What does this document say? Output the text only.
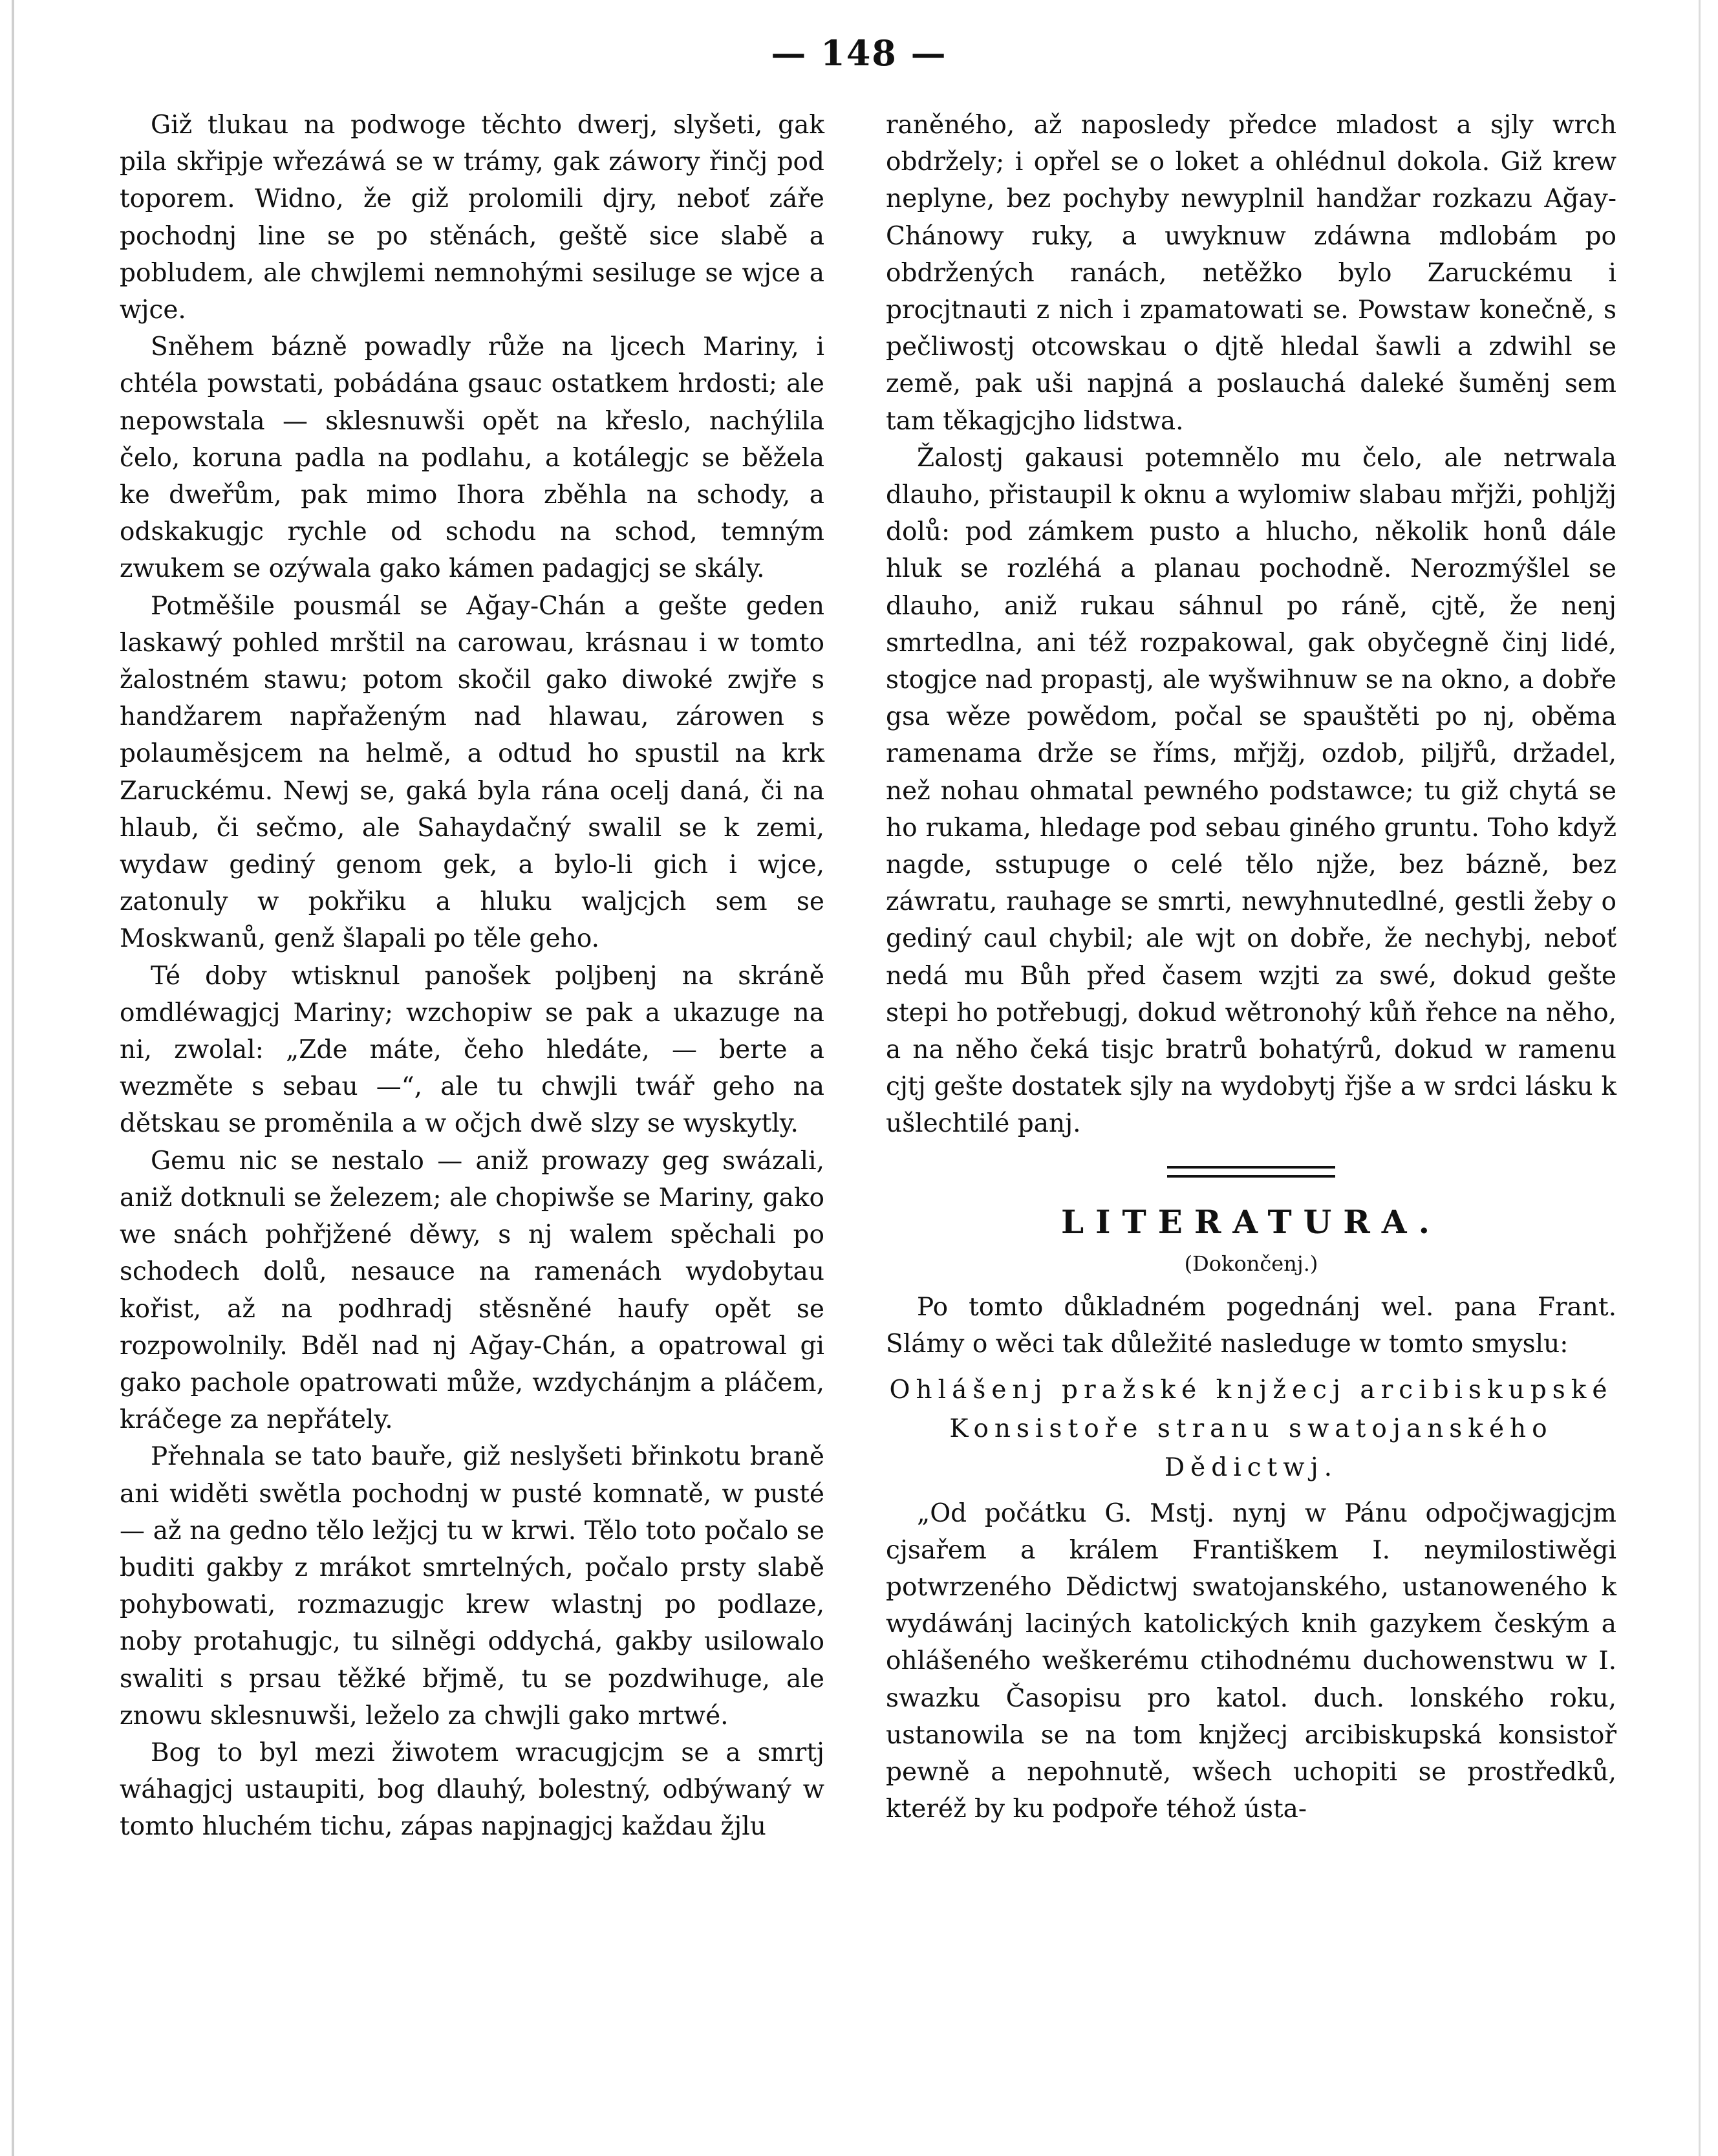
— 148 —

Giž tlukau na podwoge těchto dwerj, slyšeti, gak pila skřipje wřezáwá se w trámy, gak záwory řinčj pod toporem. Widno, že giž prolomili djry, neboť záře pochodnj line se po stěnách, geště sice slabě a pobludem, ale chwjlemi nemnohými sesiluge se wjce a wjce.

Sněhem bázně powadly růže na ljcech Mariny, i chtéla powstati, pobádána gsauc ostatkem hrdosti; ale nepowstala — sklesnuwši opět na křeslo, nachýlila čelo, koruna padla na podlahu, a kotálegjc se běžela ke dweřům, pak mimo Ihora zběhla na schody, a odskakugjc rychle od schodu na schod, temným zwukem se ozýwala gako kámen padagjcj se skály.

Potměšile pousmál se Ağay-Chán a gešte geden laskawý pohled mrštil na carowau, krásnau i w tomto žalostném stawu; potom skočil gako diwoké zwjře s handžarem napřaženým nad hlawau, zárowen s polauměsjcem na helmě, a odtud ho spustil na krk Zaruckému. Newj se, gaká byla rána ocelj daná, či na hlaub, či sečmo, ale Sahaydačný swalil se k zemi, wydaw gediný genom gek, a bylo-li gich i wjce, zatonuly w pokřiku a hluku waljcjch sem se Moskwanů, genž šlapali po těle geho.

Té doby wtisknul panošek poljbenj na skráně omdléwagjcj Mariny; wzchopiw se pak a ukazuge na ni, zwolal: „Zde máte, čeho hledáte, — berte a wezměte s sebau —“, ale tu chwjli twář geho na dětskau se proměnila a w očjch dwě slzy se wyskytly.

Gemu nic se nestalo — aniž prowazy geg swázali, aniž dotknuli se železem; ale chopiwše se Mariny, gako we snách pohřjžené děwy, s nj walem spěchali po schodech dolů, nesauce na ramenách wydobytau kořist, až na podhradj stěsněné haufy opět se rozpowolnily. Bděl nad nj Ağay-Chán, a opatrowal gi gako pachole opatrowati může, wzdychánjm a pláčem, kráčege za nepřátely.

Přehnala se tato bauře, giž neslyšeti břinkotu braně ani widěti swětla pochodnj w pusté komnatě, w pusté — až na gedno tělo ležjcj tu w krwi. Tělo toto počalo se buditi gakby z mrákot smrtelných, počalo prsty slabě pohybowati, rozmazugjc krew wlastnj po podlaze, noby protahugjc, tu silněgi oddychá, gakby usilowalo swaliti s prsau těžké břjmě, tu se pozdwihuge, ale znowu sklesnuwši, leželo za chwjli gako mrtwé.

Bog to byl mezi žiwotem wracugjcjm se a smrtj wáhagjcj ustaupiti, bog dlauhý, bolestný, odbýwaný w tomto hluchém tichu, zápas napjnagjcj každau žjlu

raněného, až naposledy předce mladost a sjly wrch obdržely; i opřel se o loket a ohlédnul dokola. Giž krew neplyne, bez pochyby newyplnil handžar rozkazu Ağay-Chánowy ruky, a uwyknuw zdáwna mdlobám po obdržených ranách, netěžko bylo Zaruckému i procjtnauti z nich i zpamatowati se. Powstaw konečně, s pečliwostj otcowskau o djtě hledal šawli a zdwihl se země, pak uši napjná a poslauchá daleké šuměnj sem tam těkagjcjho lidstwa.

Žalostj gakausi potemnělo mu čelo, ale netrwala dlauho, přistaupil k oknu a wylomiw slabau mřjži, pohljžj dolů: pod zámkem pusto a hlucho, několik honů dále hluk se rozléhá a planau pochodně. Nerozmýšlel se dlauho, aniž rukau sáhnul po ráně, cjtě, že nenj smrtedlna, ani též rozpakowal, gak obyčegně činj lidé, stogjce nad propastj, ale wyšwihnuw se na okno, a dobře gsa wěze powědom, počal se spauštěti po nj, oběma ramenama drže se říms, mřjžj, ozdob, piljřů, držadel, než nohau ohmatal pewného podstawce; tu giž chytá se ho rukama, hledage pod sebau giného gruntu. Toho když nagde, sstupuge o celé tělo njže, bez bázně, bez záwratu, rauhage se smrti, newyhnutedlné, gestli žeby o gediný caul chybil; ale wjt on dobře, že nechybj, neboť nedá mu Bůh před časem wzjti za swé, dokud gešte stepi ho potřebugj, dokud wětronohý kůň řehce na něho, a na něho čeká tisjc bratrů bohatýrů, dokud w ramenu cjtj gešte dostatek sjly na wydobytj řjše a w srdci lásku k ušlechtilé panj.

LITERATURA.
(Dokončenj.)

Po tomto důkladném pogednánj wel. pana Frant. Slámy o wěci tak důležité nasleduge w tomto smyslu:

Ohlášenj pražské knjžecj arcibiskupské Konsistoře stranu swatojanského Dědictwj.

„Od počátku G. Mstj. nynj w Pánu odpočjwagjcjm cjsařem a králem Františkem I. neymilostiwěgi potwrzeného Dědictwj swatojanského, ustanoweného k wydáwánj laciných katolických knih gazykem českým a ohlášeného weškerému ctihodnému duchowenstwu w I. swazku Časopisu pro katol. duch. lonského roku, ustanowila se na tom knjžecj arcibiskupská konsistoř pewně a nepohnutě, wšech uchopiti se prostředků, kteréž by ku podpoře téhož ústa-
